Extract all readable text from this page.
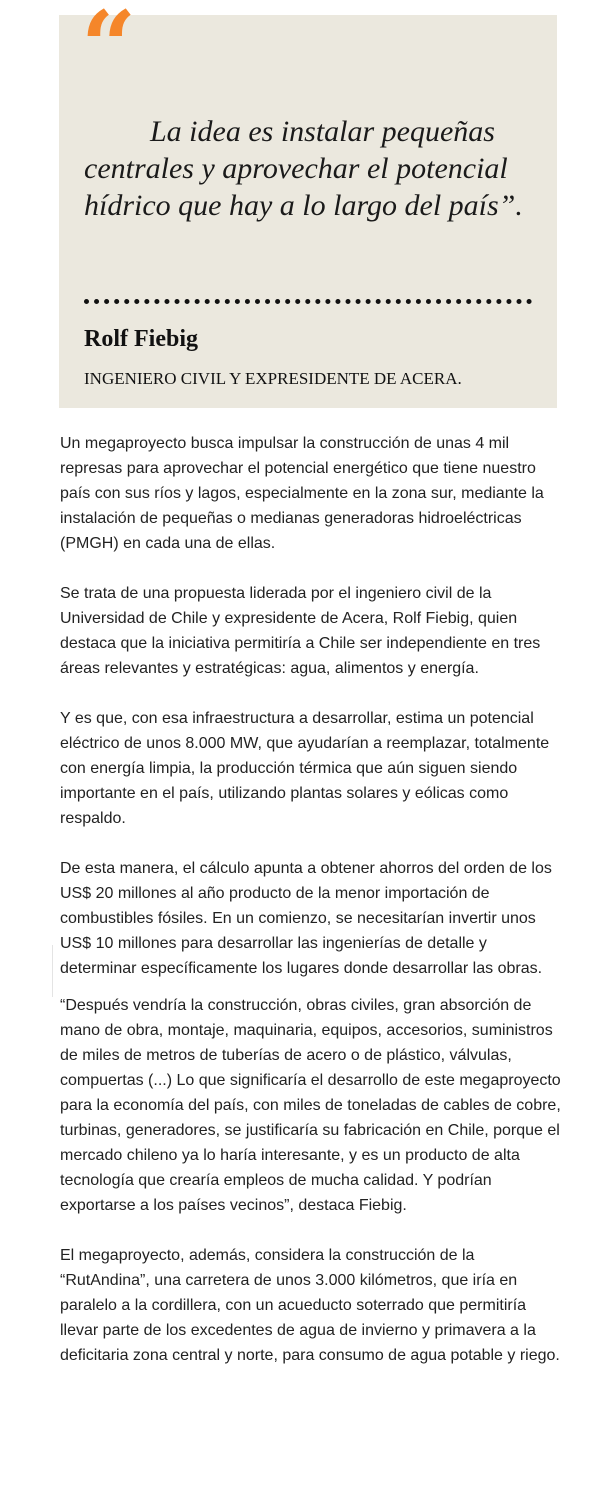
“

La idea es instalar pequeñas centrales y aprovechar el potencial hídrico que hay a lo largo del país”.

Rolf Fiebig

INGENIERO CIVIL Y EXPRESIDENTE DE ACERA.

Un megaproyecto busca impulsar la construcción de unas 4 mil represas para aprovechar el potencial energético que tiene nuestro país con sus ríos y lagos, especialmente en la zona sur, mediante la instalación de pequeñas o medianas generadoras hidroeléctricas (PMGH) en cada una de ellas.

Se trata de una propuesta liderada por el ingeniero civil de la Universidad de Chile y expresidente de Acera, Rolf Fiebig, quien destaca que la iniciativa permitiría a Chile ser independiente en tres áreas relevantes y estratégicas: agua, alimentos y energía.

Y es que, con esa infraestructura a desarrollar, estima un potencial eléctrico de unos 8.000 MW, que ayudarían a reemplazar, totalmente con energía limpia, la producción térmica que aún siguen siendo importante en el país, utilizando plantas solares y eólicas como respaldo.

De esta manera, el cálculo apunta a obtener ahorros del orden de los US$ 20 millones al año producto de la menor importación de combustibles fósiles. En un comienzo, se necesitarían invertir unos US$ 10 millones para desarrollar las ingenierías de detalle y determinar específicamente los lugares donde desarrollar las obras.

“Después vendría la construcción, obras civiles, gran absorción de mano de obra, montaje, maquinaria, equipos, accesorios, suministros de miles de metros de tuberías de acero o de plástico, válvulas, compuertas (...) Lo que significaría el desarrollo de este megaproyecto para la economía del país, con miles de toneladas de cables de cobre, turbinas, generadores, se justificaría su fabricación en Chile, porque el mercado chileno ya lo haría interesante, y es un producto de alta tecnología que crearía empleos de mucha calidad. Y podrían exportarse a los países vecinos”, destaca Fiebig.

El megaproyecto, además, considera la construcción de la “RutAndina”, una carretera de unos 3.000 kilómetros, que iría en paralelo a la cordillera, con un acueducto soterrado que permitiría llevar parte de los excedentes de agua de invierno y primavera a la deficitaria zona central y norte, para consumo de agua potable y riego.
